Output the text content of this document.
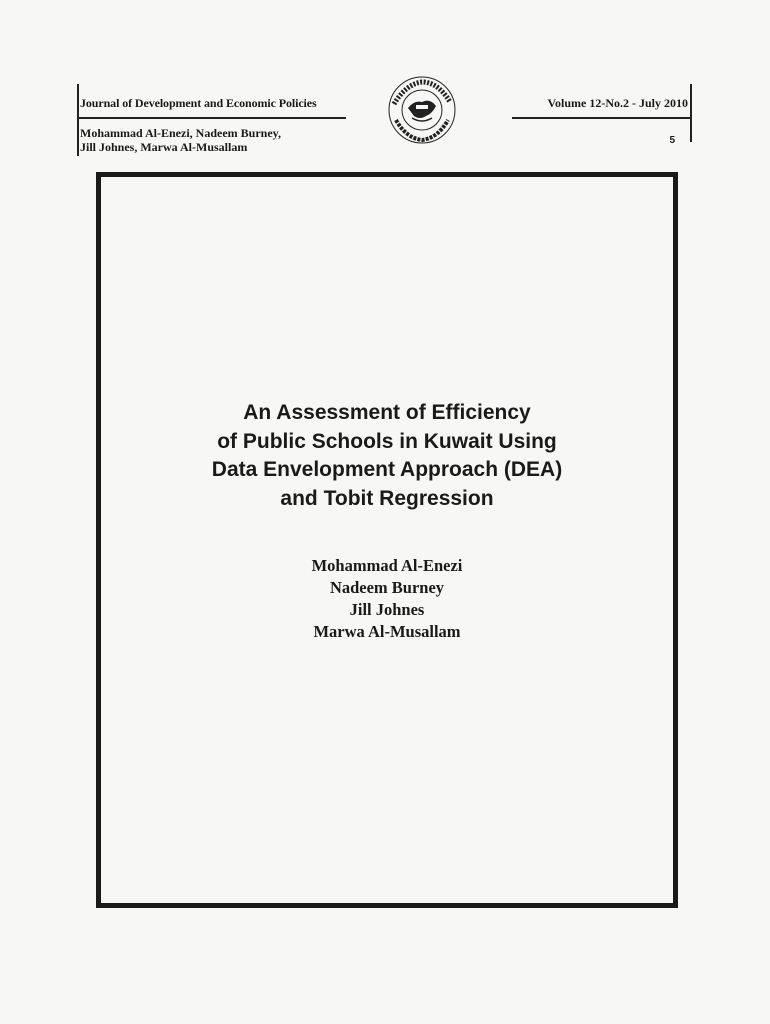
Journal of Development and Economic Policies
Mohammad Al-Enezi, Nadeem Burney,
Jill Johnes, Marwa Al-Musallam
Volume 12-No.2 - July 2010
5
An Assessment of Efficiency
of Public Schools in Kuwait Using
Data Envelopment Approach (DEA)
and Tobit Regression
Mohammad Al-Enezi
Nadeem Burney
Jill Johnes
Marwa Al-Musallam
